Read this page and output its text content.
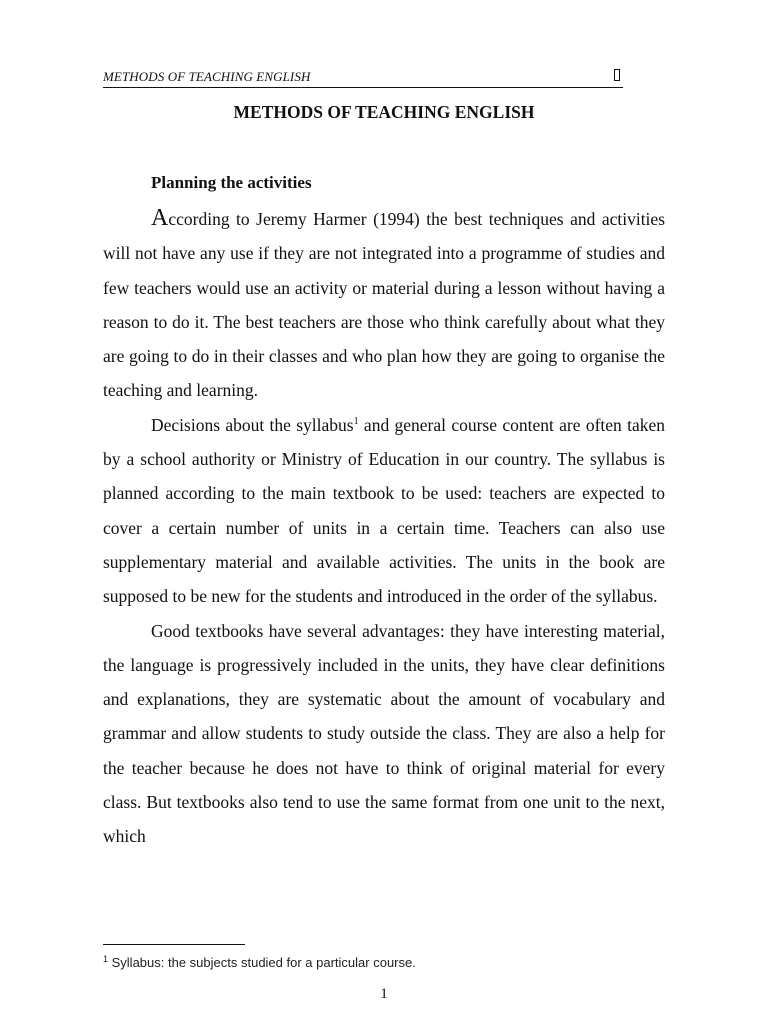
METHODS OF TEACHING ENGLISH
METHODS OF TEACHING ENGLISH
Planning the activities

According to Jeremy Harmer (1994) the best techniques and activities will not have any use if they are not integrated into a programme of studies and few teachers would use an activity or material during a lesson without having a reason to do it. The best teachers are those who think carefully about what they are going to do in their classes and who plan how they are going to organise the teaching and learning.

Decisions about the syllabus$^1$ and general course content are often taken by a school authority or Ministry of Education in our country. The syllabus is planned according to the main textbook to be used: teachers are expected to cover a certain number of units in a certain time. Teachers can also use supplementary material and available activities. The units in the book are supposed to be new for the students and introduced in the order of the syllabus.

Good textbooks have several advantages: they have interesting material, the language is progressively included in the units, they have clear definitions and explanations, they are systematic about the amount of vocabulary and grammar and allow students to study outside the class. They are also a help for the teacher because he does not have to think of original material for every class. But textbooks also tend to use the same format from one unit to the next, which

$^1$ Syllabus: the subjects studied for a particular course.
1
